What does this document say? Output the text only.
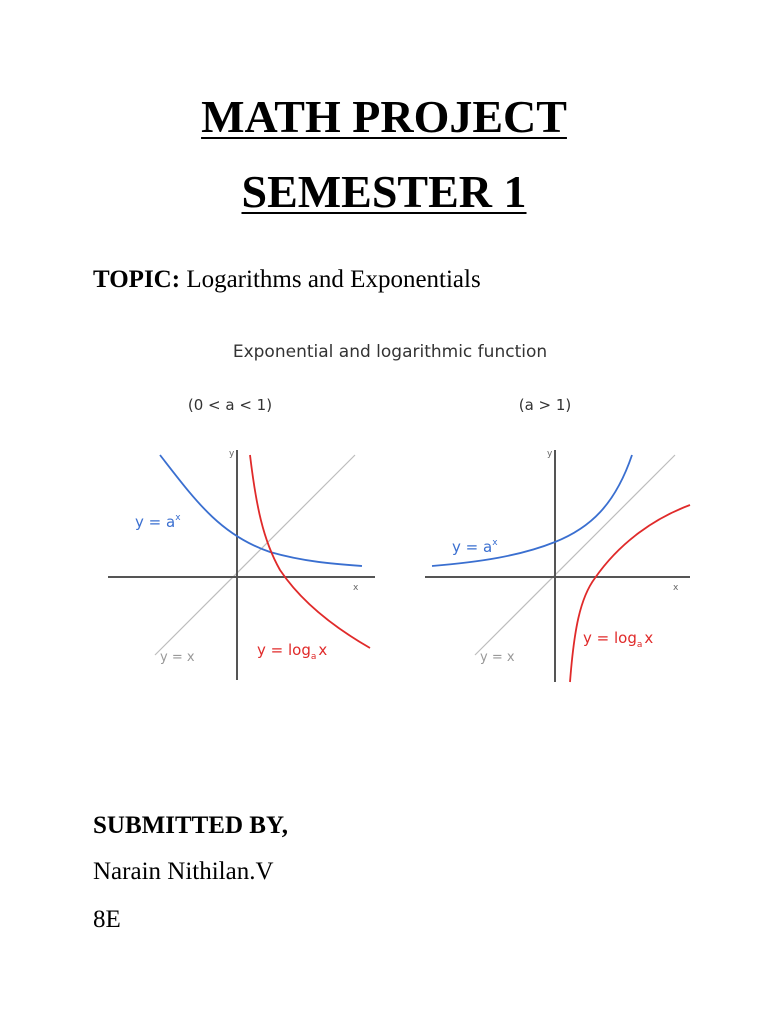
MATH PROJECT
SEMESTER 1
TOPIC: Logarithms and Exponentials
Exponential and logarithmic function
(0 < a < 1)
x
y
$y = a^x$
$y = \log_a x$
y = x
(a > 1)
x
y
$y = a^x$
$y = \log_a x$
y = x
SUBMITTED BY,
Narain Nithilan.V
8E
